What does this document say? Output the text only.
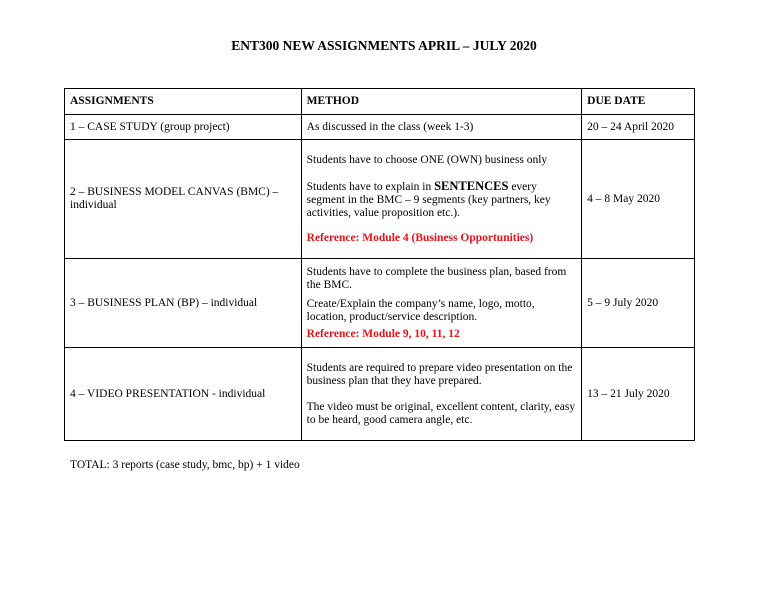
ENT300 NEW ASSIGNMENTS APRIL – JULY 2020
ASSIGNMENTS	METHOD	DUE DATE
1 – CASE STUDY (group project)	As discussed in the class (week 1-3)	20 – 24 April 2020
2 – BUSINESS MODEL CANVAS (BMC) – individual	Students have to choose ONE (OWN) business only

Students have to explain in SENTENCES every segment in the BMC – 9 segments (key partners, key activities, value proposition etc.).

Reference: Module 4 (Business Opportunities)	4 – 8 May 2020
3 – BUSINESS PLAN (BP) – individual	Students have to complete the business plan, based from the BMC.

Create/Explain the company’s name, logo, motto, location, product/service description.

Reference: Module 9, 10, 11, 12	5 – 9 July 2020
4 – VIDEO PRESENTATION - individual	Students are required to prepare video presentation on the business plan that they have prepared.

The video must be original, excellent content, clarity, easy to be heard, good camera angle, etc.	13 – 21 July 2020
TOTAL: 3 reports (case study, bmc, bp) + 1 video
